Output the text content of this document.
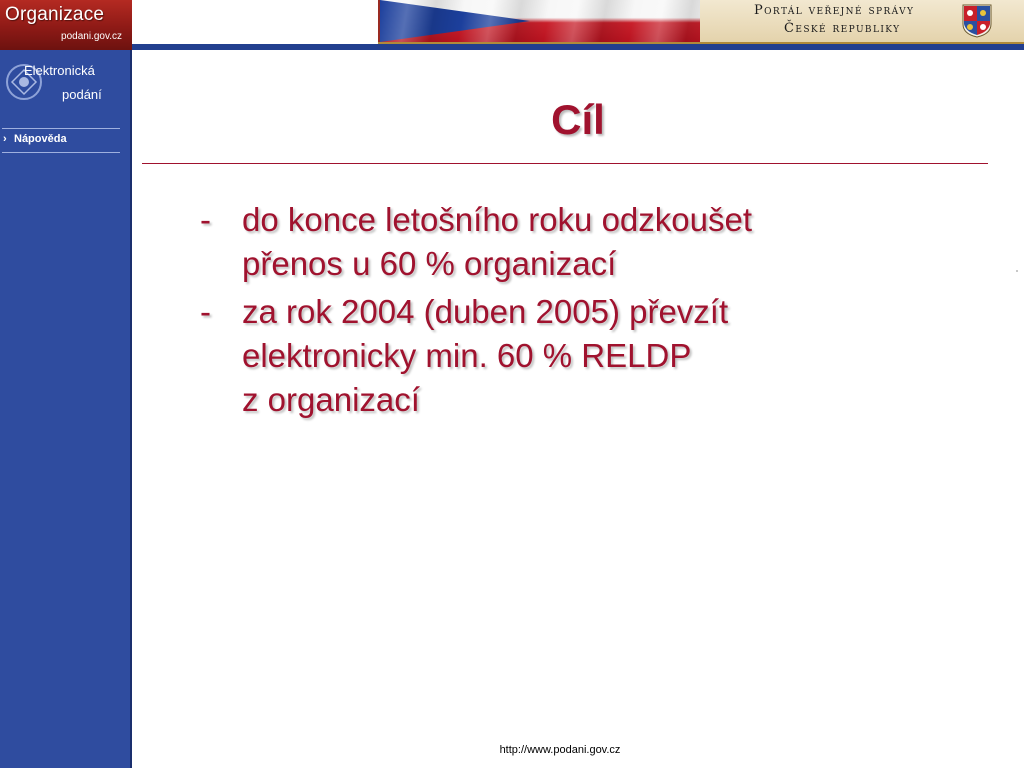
Organizace
podani.gov.cz
Portál veřejné správy
České republiky
Elektronická
podání
› Nápověda	Cíl
- do konce letošního roku odzkoušet
přenos u 60 % organizací
- za rok 2004 (duben 2005) převzít
elektronicky min. 60 % RELDP
z organizací
http://www.podani.gov.cz
